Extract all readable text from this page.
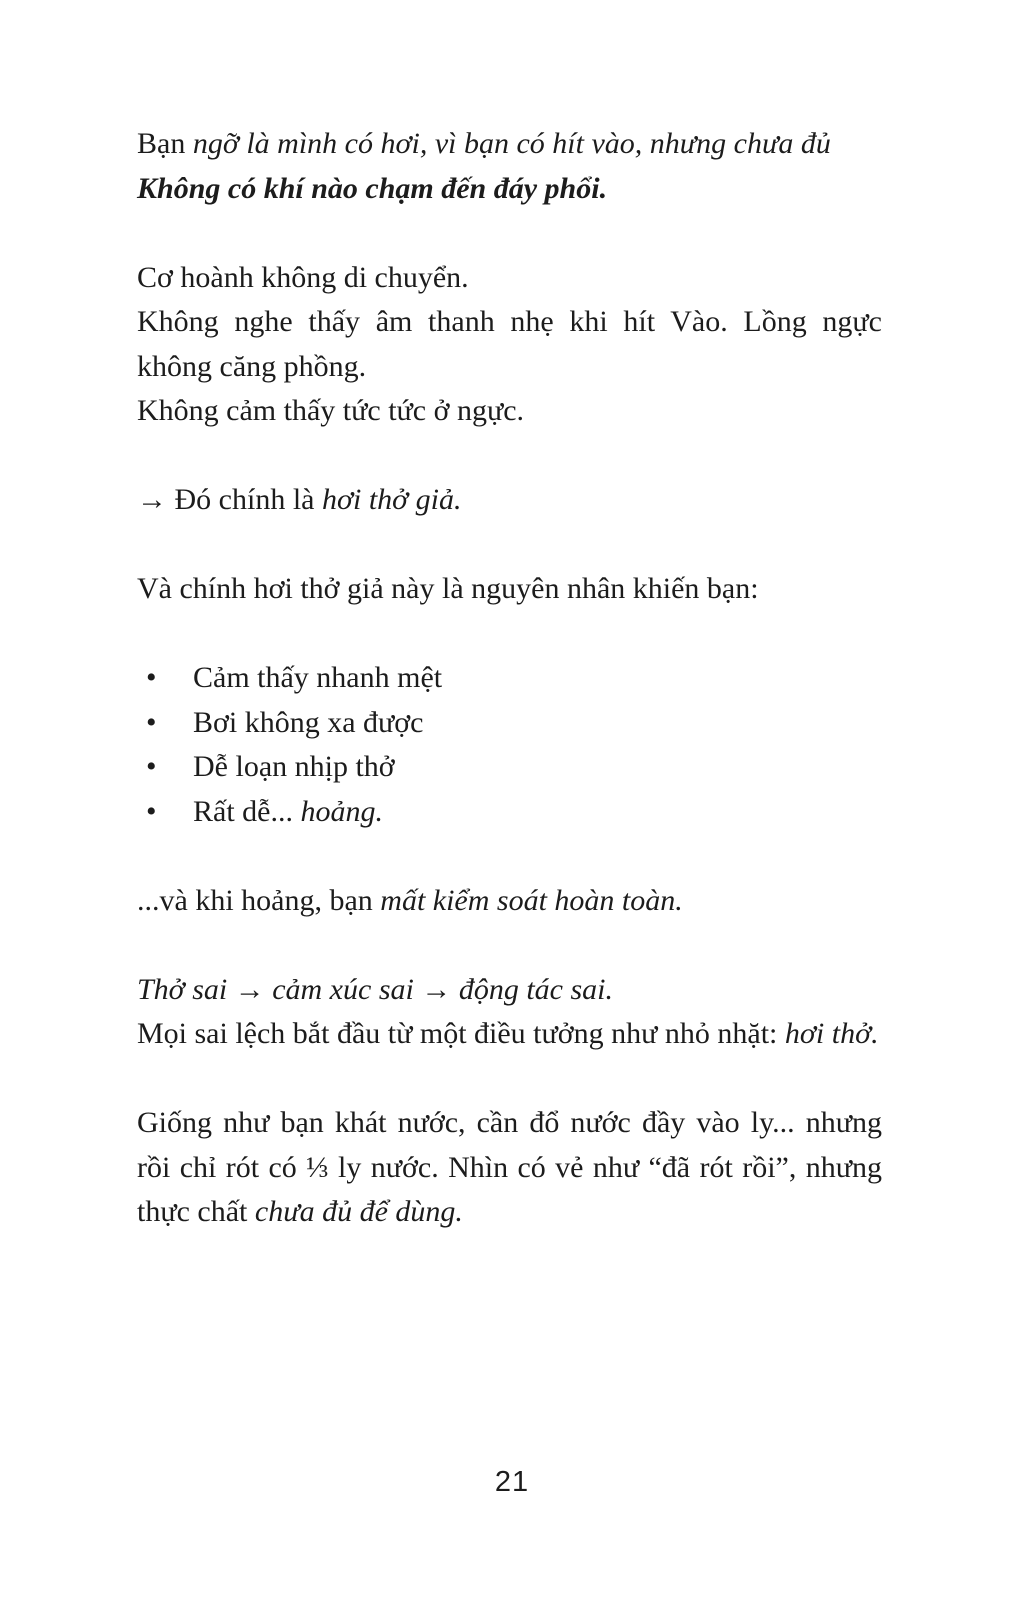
Bạn ngỡ là mình có hơi, vì bạn có hít vào, nhưng chưa đủ
Không có khí nào chạm đến đáy phổi.

Cơ hoành không di chuyển.
Không nghe thấy âm thanh nhẹ khi hít Vào. Lồng ngực không căng phồng.
Không cảm thấy tức tức ở ngực.

→ Đó chính là hơi thở giả.

Và chính hơi thở giả này là nguyên nhân khiến bạn:

• Cảm thấy nhanh mệt
• Bơi không xa được
• Dễ loạn nhịp thở
• Rất dễ... hoảng.

...và khi hoảng, bạn mất kiểm soát hoàn toàn.

Thở sai → cảm xúc sai → động tác sai.
Mọi sai lệch bắt đầu từ một điều tưởng như nhỏ nhặt: hơi thở.

Giống như bạn khát nước, cần đổ nước đầy vào ly... nhưng rồi chỉ rót có ⅓ ly nước. Nhìn có vẻ như “đã rót rồi”, nhưng thực chất chưa đủ để dùng.

21
